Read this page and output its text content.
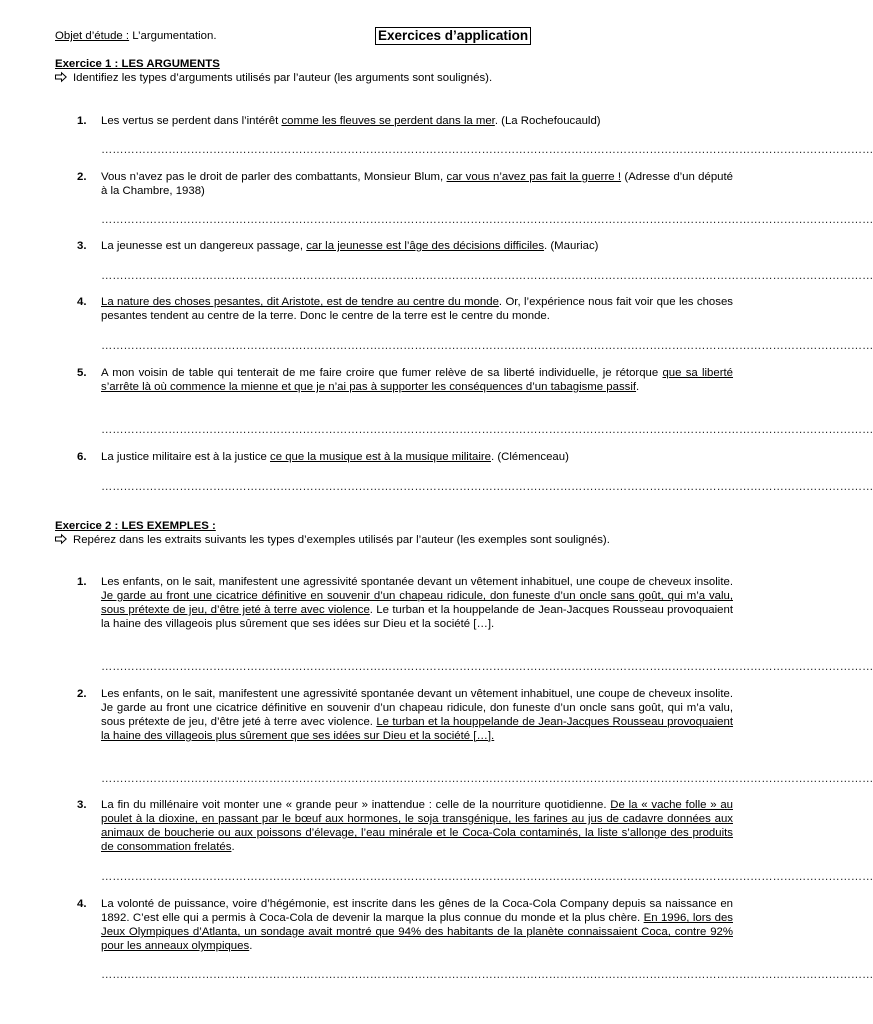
Objet d’étude : L’argumentation.	Exercices d’application
Exercice 1 : LES ARGUMENTS
Identifiez les types d’arguments utilisés par l’auteur (les arguments sont soulignés).
1.	Les vertus se perdent dans l’intérêt comme les fleuves se perdent dans la mer. (La Rochefoucauld)
………………………………………………………………………………………………………………………………………………………………………………………
2.	Vous n’avez pas le droit de parler des combattants, Monsieur Blum, car vous n’avez pas fait la guerre ! (Adresse d’un député à la Chambre, 1938)
………………………………………………………………………………………………………………………………………………………………………………………
3.	La jeunesse est un dangereux passage, car la jeunesse est l’âge des décisions difficiles. (Mauriac)
………………………………………………………………………………………………………………………………………………………………………………………
4.	La nature des choses pesantes, dit Aristote, est de tendre au centre du monde. Or, l’expérience nous fait voir que les choses pesantes tendent au centre de la terre. Donc le centre de la terre est le centre du monde.
………………………………………………………………………………………………………………………………………………………………………………………
5.	A mon voisin de table qui tenterait de me faire croire que fumer relève de sa liberté individuelle, je rétorque que sa liberté s’arrête là où commence la mienne et que je n’ai pas à supporter les conséquences d’un tabagisme passif.
………………………………………………………………………………………………………………………………………………………………………………………
6.	La justice militaire est à la justice ce que la musique est à la musique militaire. (Clémenceau)
………………………………………………………………………………………………………………………………………………………………………………………
Exercice 2 : LES EXEMPLES :
Repérez dans les extraits suivants les types d’exemples utilisés par l’auteur (les exemples sont soulignés).
1.	Les enfants, on le sait, manifestent une agressivité spontanée devant un vêtement inhabituel, une coupe de cheveux insolite. Je garde au front une cicatrice définitive en souvenir d’un chapeau ridicule, don funeste d’un oncle sans goût, qui m’a valu, sous prétexte de jeu, d’être jeté à terre avec violence. Le turban et la houppelande de Jean-Jacques Rousseau provoquaient la haine des villageois plus sûrement que ses idées sur Dieu et la société […].
………………………………………………………………………………………………………………………………………………………………………………………
2.	Les enfants, on le sait, manifestent une agressivité spontanée devant un vêtement inhabituel, une coupe de cheveux insolite. Je garde au front une cicatrice définitive en souvenir d’un chapeau ridicule, don funeste d’un oncle sans goût, qui m’a valu, sous prétexte de jeu, d’être jeté à terre avec violence. Le turban et la houppelande de Jean-Jacques Rousseau provoquaient la haine des villageois plus sûrement que ses idées sur Dieu et la société […].
………………………………………………………………………………………………………………………………………………………………………………………
3.	La fin du millénaire voit monter une « grande peur » inattendue : celle de la nourriture quotidienne. De la « vache folle » au poulet à la dioxine, en passant par le bœuf aux hormones, le soja transgénique, les farines au jus de cadavre données aux animaux de boucherie ou aux poissons d’élevage, l’eau minérale et le Coca-Cola contaminés, la liste s’allonge des produits de consommation frelatés.
………………………………………………………………………………………………………………………………………………………………………………………
4.	La volonté de puissance, voire d’hégémonie, est inscrite dans les gênes de la Coca-Cola Company depuis sa naissance en 1892. C’est elle qui a permis à Coca-Cola de devenir la marque la plus connue du monde et la plus chère. En 1996, lors des Jeux Olympiques d’Atlanta, un sondage avait montré que 94% des habitants de la planète connaissaient Coca, contre 92% pour les anneaux olympiques.
………………………………………………………………………………………………………………………………………………………………………………………
